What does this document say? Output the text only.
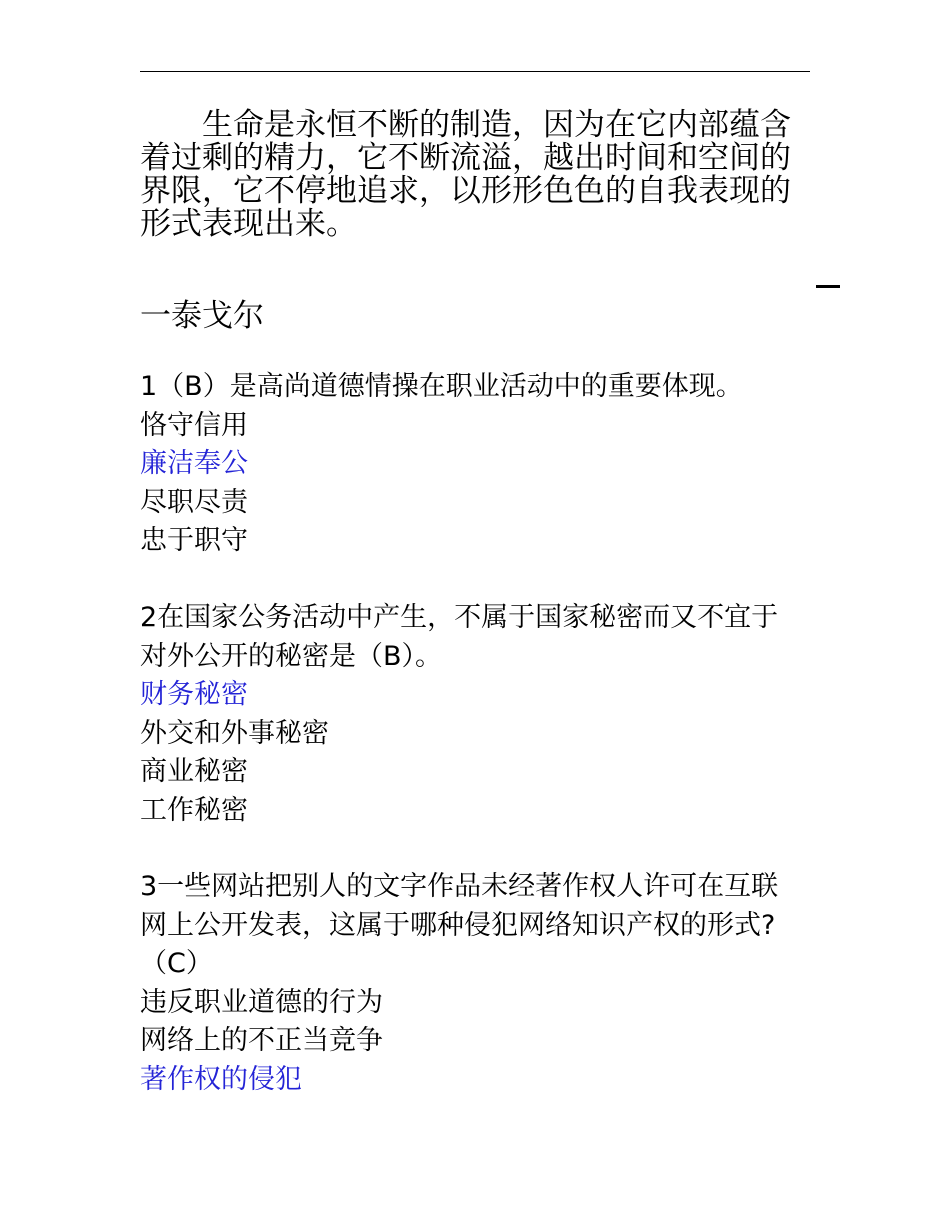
生命是永恒不断的制造，因为在它内部蕴含着过剩的精力，它不断流溢，越出时间和空间的界限，它不停地追求，以形形色色的自我表现的形式表现出来。
一泰戈尔
1（B）是高尚道德情操在职业活动中的重要体现。
恪守信用
廉洁奉公
尽职尽责
忠于职守
2在国家公务活动中产生，不属于国家秘密而又不宜于
对外公开的秘密是（B）。
财务秘密
外交和外事秘密
商业秘密
工作秘密
3一些网站把别人的文字作品未经著作权人许可在互联
网上公开发表，这属于哪种侵犯网络知识产权的形式?
（C）
违反职业道德的行为
网络上的不正当竞争
著作权的侵犯
